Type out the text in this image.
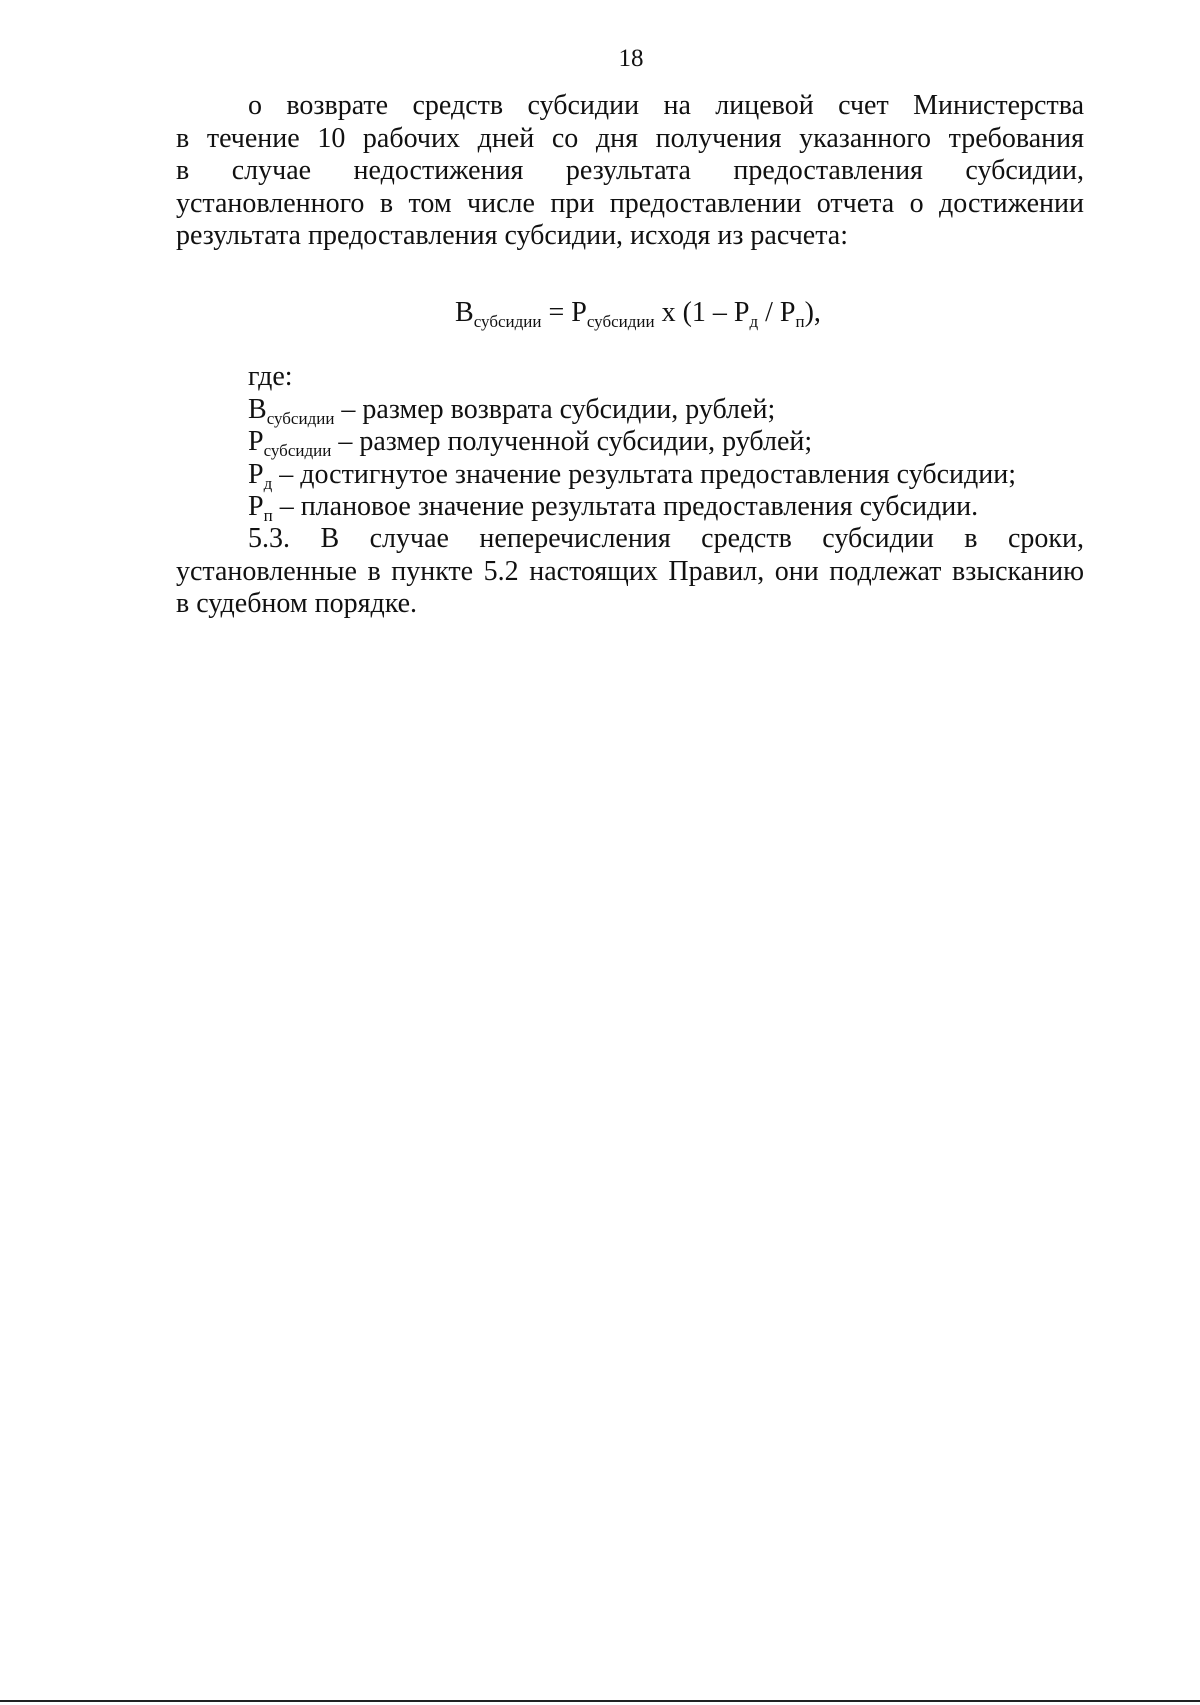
18
о возврате средств субсидии на лицевой счет Министерства
в течение 10 рабочих дней со дня получения указанного требования
в случае недостижения результата предоставления субсидии,
установленного в том числе при предоставлении отчета о достижении
результата предоставления субсидии, исходя из расчета:
$В_{субсидии} = Р_{субсидии}$ х $(1 - Р_д / Р_п)$,
где:
$В_{субсидии}$ – размер возврата субсидии, рублей;
$Р_{субсидии}$ – размер полученной субсидии, рублей;
$Р_д$ – достигнутое значение результата предоставления субсидии;
$Р_п$ – плановое значение результата предоставления субсидии.
5.3. В случае неперечисления средств субсидии в сроки,
установленные в пункте 5.2 настоящих Правил, они подлежат взысканию
в судебном порядке.
